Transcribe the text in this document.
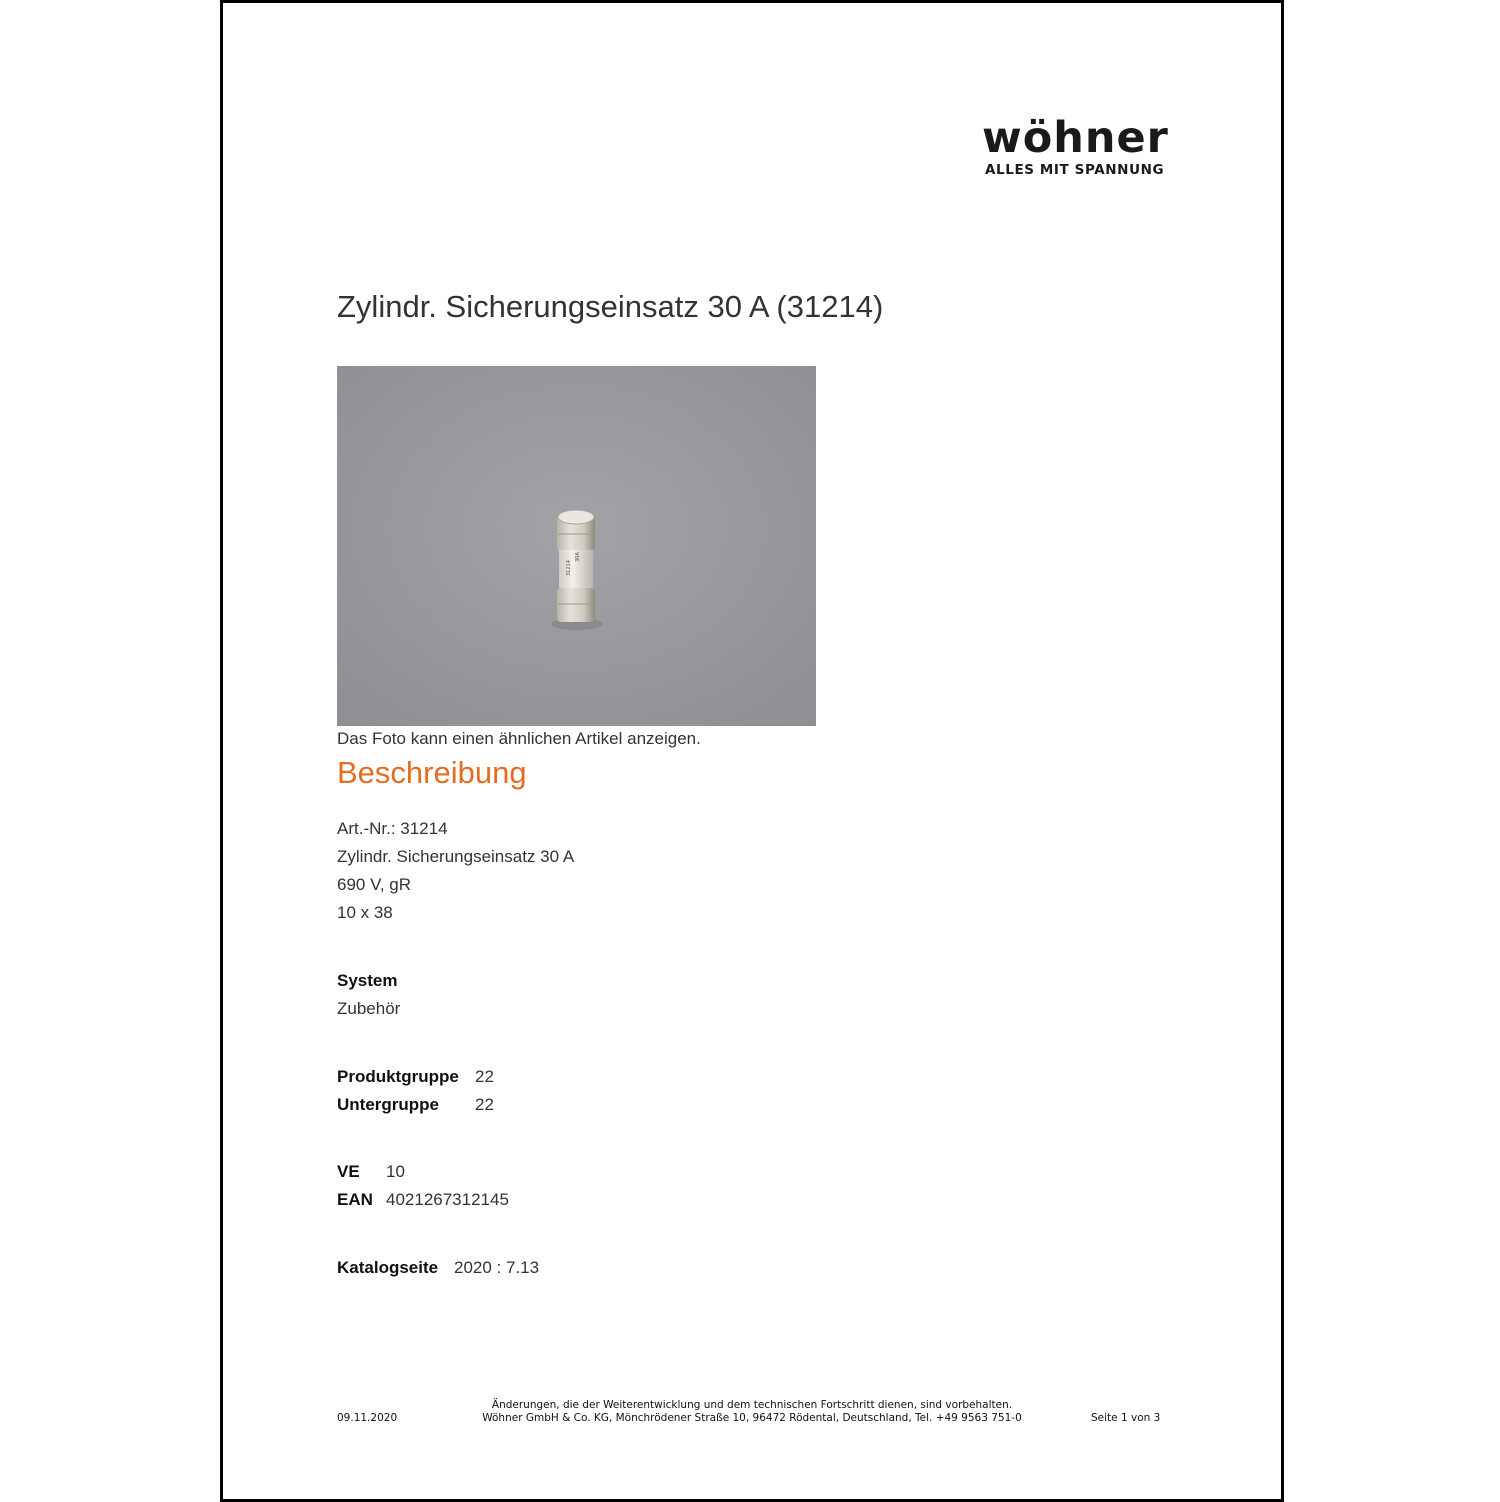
wöhner
ALLES MIT SPANNUNG
Zylindr. Sicherungseinsatz 30 A (31214)
31214
30A
Das Foto kann einen ähnlichen Artikel anzeigen.
Beschreibung
Art.-Nr.: 31214
Zylindr. Sicherungseinsatz 30 A
690 V, gR
10 x 38
System
Zubehör
Produktgruppe 22
Untergruppe 22
VE 10
EAN 4021267312145
Katalogseite 2020 : 7.13
09.11.2020
Änderungen, die der Weiterentwicklung und dem technischen Fortschritt dienen, sind vorbehalten.
Wöhner GmbH & Co. KG, Mönchrödener Straße 10, 96472 Rödental, Deutschland, Tel. +49 9563 751-0	Seite 1 von 3
